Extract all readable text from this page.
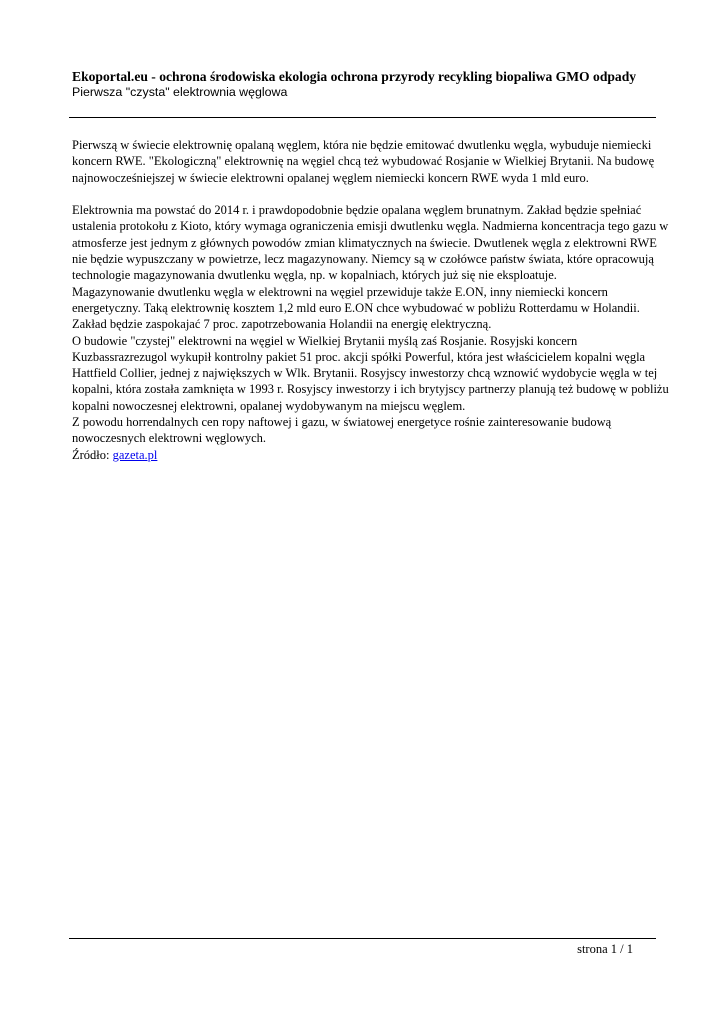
Ekoportal.eu - ochrona środowiska ekologia ochrona przyrody recykling biopaliwa GMO odpady
Pierwsza "czysta" elektrownia węglowa

Pierwszą w świecie elektrownię opalaną węglem, która nie będzie emitować dwutlenku węgla, wybuduje niemiecki
koncern RWE. "Ekologiczną" elektrownię na węgiel chcą też wybudować Rosjanie w Wielkiej Brytanii. Na budowę
najnowocześniejszej w świecie elektrowni opalanej węglem niemiecki koncern RWE wyda 1 mld euro.

Elektrownia ma powstać do 2014 r. i prawdopodobnie będzie opalana węglem brunatnym. Zakład będzie spełniać
ustalenia protokołu z Kioto, który wymaga ograniczenia emisji dwutlenku węgla. Nadmierna koncentracja tego gazu w
atmosferze jest jednym z głównych powodów zmian klimatycznych na świecie. Dwutlenek węgla z elektrowni RWE
nie będzie wypuszczany w powietrze, lecz magazynowany. Niemcy są w czołówce państw świata, które opracowują
technologie magazynowania dwutlenku węgla, np. w kopalniach, których już się nie eksploatuje.
Magazynowanie dwutlenku węgla w elektrowni na węgiel przewiduje także E.ON, inny niemiecki koncern
energetyczny. Taką elektrownię kosztem 1,2 mld euro E.ON chce wybudować w pobliżu Rotterdamu w Holandii.
Zakład będzie zaspokajać 7 proc. zapotrzebowania Holandii na energię elektryczną.
O budowie "czystej" elektrowni na węgiel w Wielkiej Brytanii myślą zaś Rosjanie. Rosyjski koncern
Kuzbassrazrezugol wykupił kontrolny pakiet 51 proc. akcji spółki Powerful, która jest właścicielem kopalni węgla
Hattfield Collier, jednej z największych w Wlk. Brytanii. Rosyjscy inwestorzy chcą wznowić wydobycie węgla w tej
kopalni, która została zamknięta w 1993 r. Rosyjscy inwestorzy i ich brytyjscy partnerzy planują też budowę w pobliżu
kopalni nowoczesnej elektrowni, opalanej wydobywanym na miejscu węglem.
Z powodu horrendalnych cen ropy naftowej i gazu, w światowej energetyce rośnie zainteresowanie budową
nowoczesnych elektrowni węglowych.
Źródło: gazeta.pl

strona 1 / 1
